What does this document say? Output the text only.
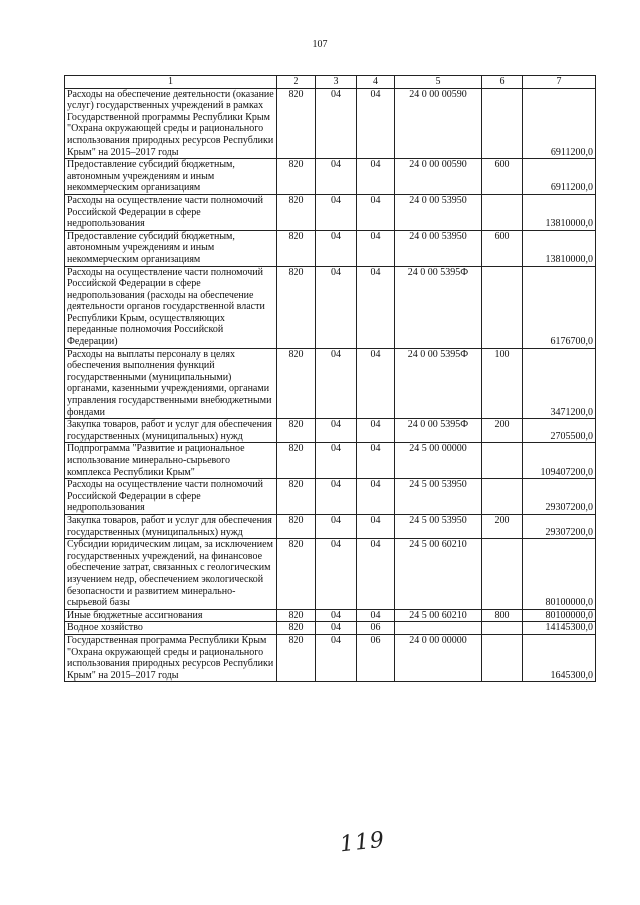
107
1	2	3	4	5	6	7
Расходы на обеспечение деятельности (оказание услуг) государственных учреждений в рамках Государственной программы Республики Крым "Охрана окружающей среды и рационального использования природных ресурсов Республики Крым" на 2015–2017 годы	820	04	04	24 0 00 00590		6911200,0
Предоставление субсидий бюджетным, автономным учреждениям и иным некоммерческим организациям	820	04	04	24 0 00 00590	600	6911200,0
Расходы на осуществление части полномочий Российской Федерации в сфере недропользования	820	04	04	24 0 00 53950		13810000,0
Предоставление субсидий бюджетным, автономным учреждениям и иным некоммерческим организациям	820	04	04	24 0 00 53950	600	13810000,0
Расходы на осуществление части полномочий Российской Федерации в сфере недропользования (расходы на обеспечение деятельности органов государственной власти Республики Крым, осуществляющих переданные полномочия Российской Федерации)	820	04	04	24 0 00 5395Ф		6176700,0
Расходы на выплаты персоналу в целях обеспечения выполнения функций государственными (муниципальными) органами, казенными учреждениями, органами управления государственными внебюджетными фондами	820	04	04	24 0 00 5395Ф	100	3471200,0
Закупка товаров, работ и услуг для обеспечения государственных (муниципальных) нужд	820	04	04	24 0 00 5395Ф	200	2705500,0
Подпрограмма "Развитие и рациональное использование минерально-сырьевого комплекса Республики Крым"	820	04	04	24 5 00 00000		109407200,0
Расходы на осуществление части полномочий Российской Федерации в сфере недропользования	820	04	04	24 5 00 53950		29307200,0
Закупка товаров, работ и услуг для обеспечения государственных (муниципальных) нужд	820	04	04	24 5 00 53950	200	29307200,0
Субсидии юридическим лицам, за исключением государственных учреждений, на финансовое обеспечение затрат, связанных с геологическим изучением недр, обеспечением экологической безопасности и развитием минерально-сырьевой базы	820	04	04	24 5 00 60210		80100000,0
Иные бюджетные ассигнования	820	04	04	24 5 00 60210	800	80100000,0
Водное хозяйство	820	04	06			14145300,0
Государственная программа Республики Крым "Охрана окружающей среды и рационального использования природных ресурсов Республики Крым" на 2015–2017 годы	820	04	06	24 0 00 00000		1645300,0
119
